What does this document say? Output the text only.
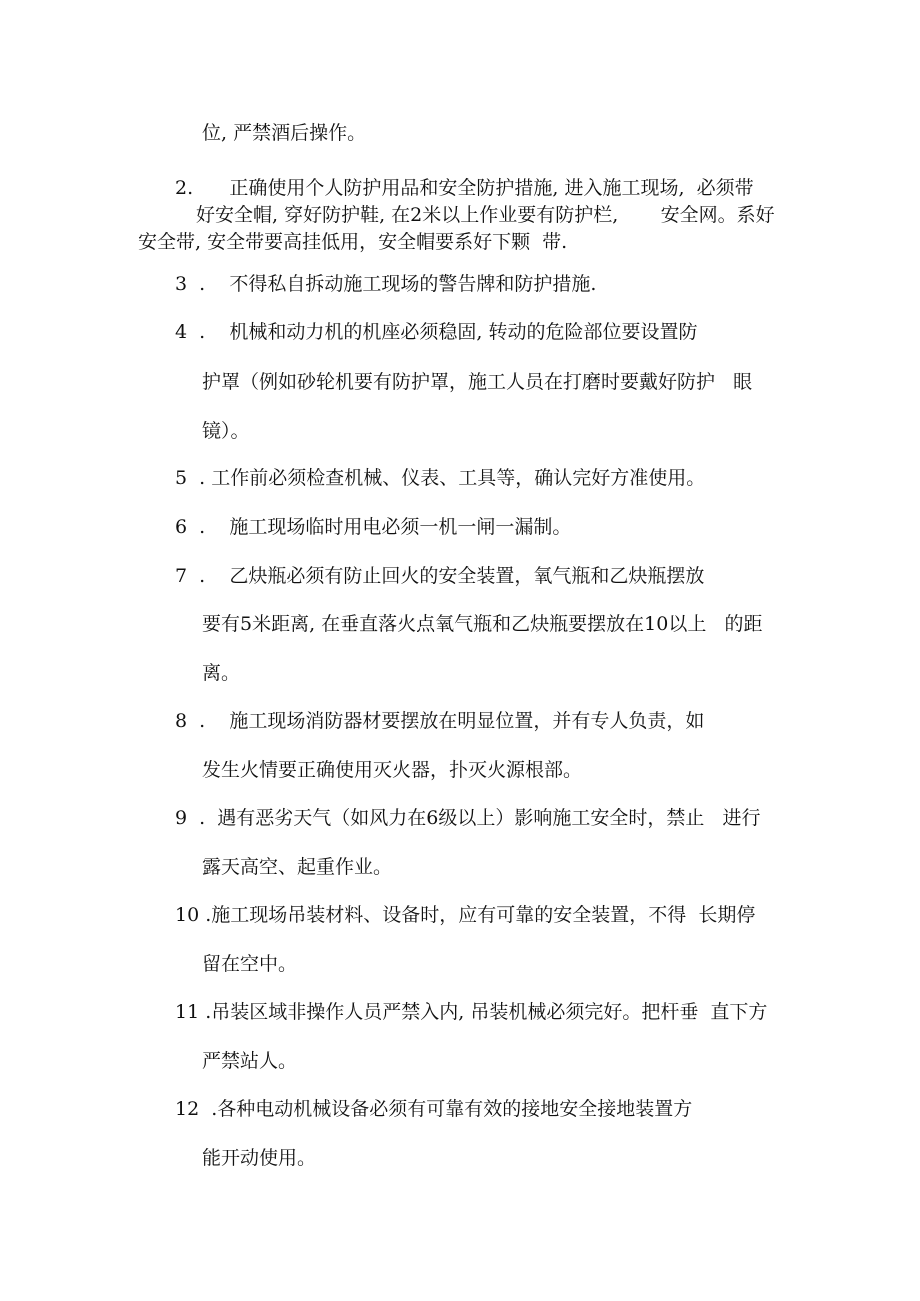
位, 严禁酒后操作。
2.      正确使用个人防护用品和安全防护措施, 进入施工现场,  必须带
好安全帽, 穿好防护鞋, 在2米以上作业要有防护栏,       安全网。系好
安全带, 安全带要高挂低用，安全帽要系好下颗  带.
3  .    不得私自拆动施工现场的警告牌和防护措施.
4  .    机械和动力机的机座必须稳固, 转动的危险部位要设置防
护罩（例如砂轮机要有防护罩，施工人员在打磨时要戴好防护   眼
镜）。
5  . 工作前必须检查机械、仪表、工具等，确认完好方准使用。
6  .    施工现场临时用电必须一机一闸一漏制。
7  .    乙炔瓶必须有防止回火的安全装置，氧气瓶和乙炔瓶摆放
要有5米距离, 在垂直落火点氧气瓶和乙炔瓶要摆放在10以上   的距
离。
8  .    施工现场消防器材要摆放在明显位置，并有专人负责，如
发生火情要正确使用灭火器，扑灭火源根部。
9  .  遇有恶劣天气（如风力在6级以上）影响施工安全时，禁止   进行
露天高空、起重作业。
10 .施工现场吊装材料、设备时，应有可靠的安全装置，不得  长期停
留在空中。
11 .吊装区域非操作人员严禁入内, 吊装机械必须完好。把杆垂  直下方
严禁站人。
12  .各种电动机械设备必须有可靠有效的接地安全接地装置方
能开动使用。
